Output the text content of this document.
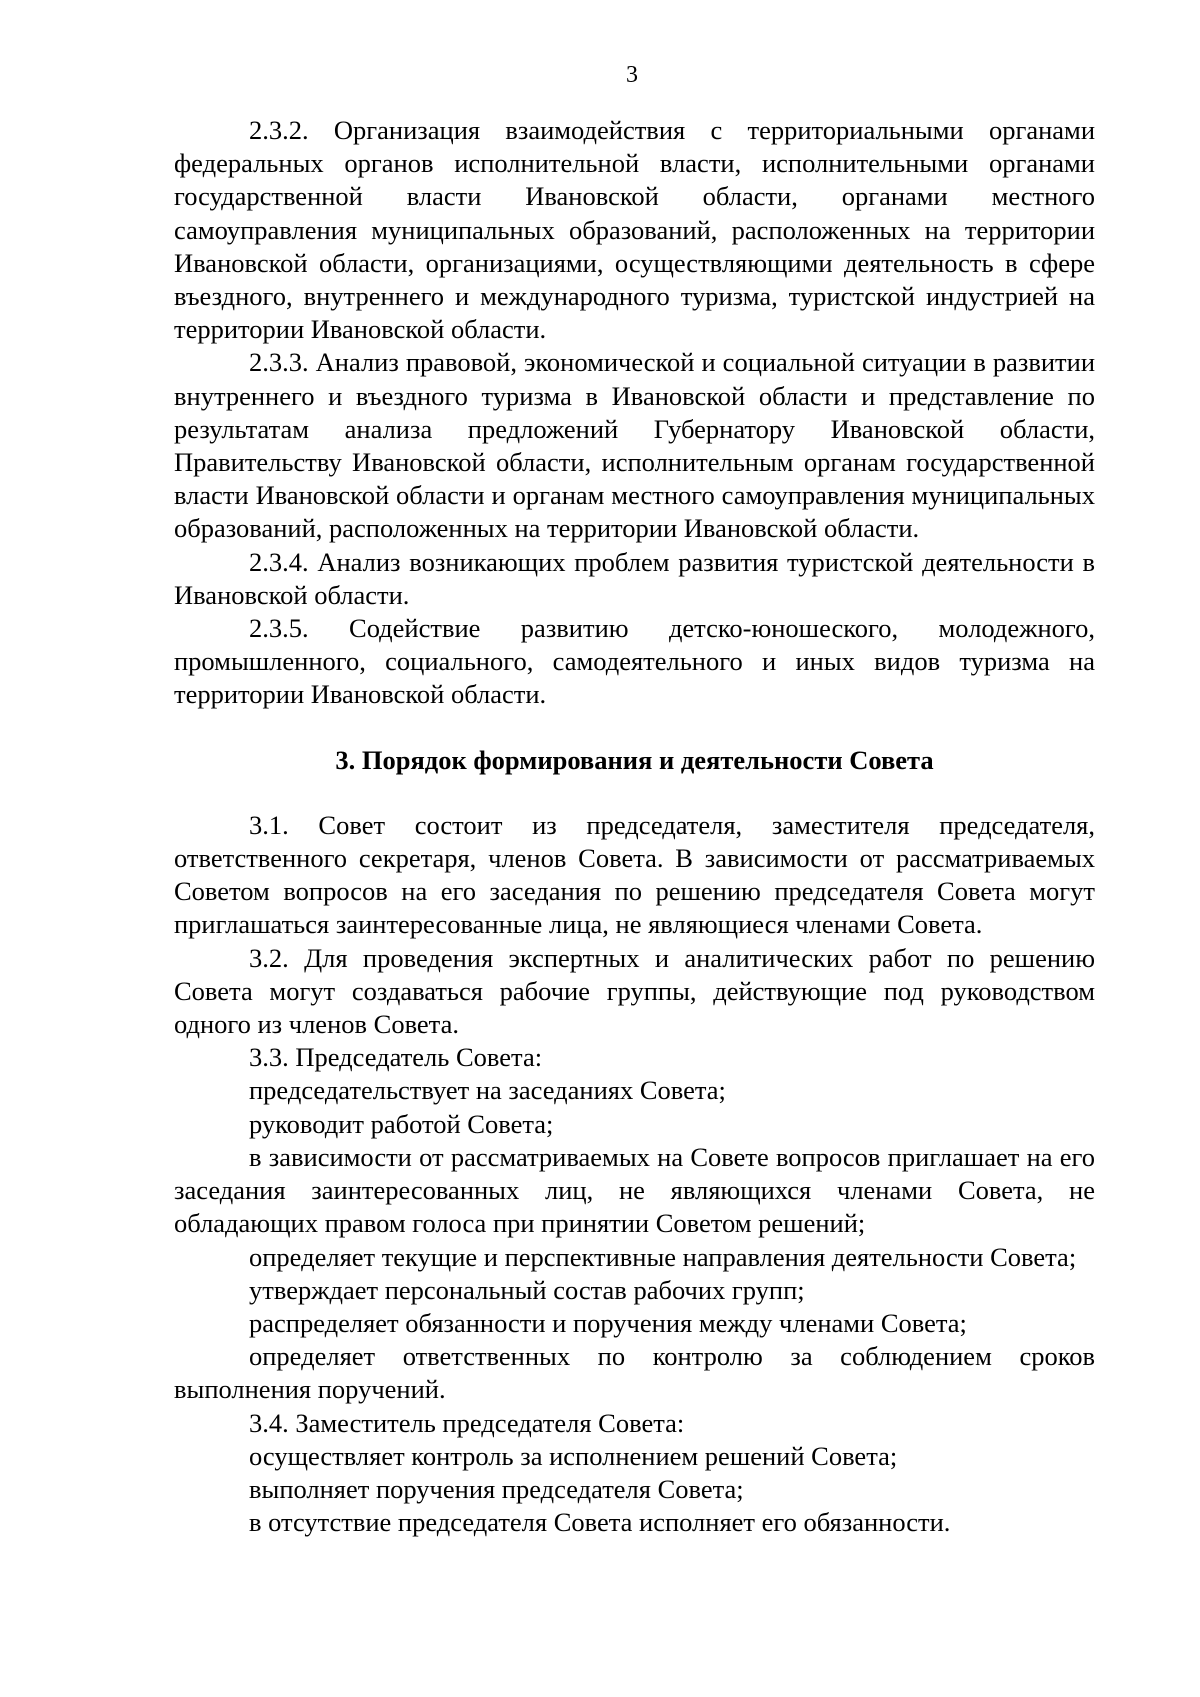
3

2.3.2. Организация взаимодействия с территориальными органами федеральных органов исполнительной власти, исполнительными органами государственной власти Ивановской области, органами местного самоуправления муниципальных образований, расположенных на территории Ивановской области, организациями, осуществляющими деятельность в сфере въездного, внутреннего и международного туризма, туристской индустрией на территории Ивановской области.

2.3.3. Анализ правовой, экономической и социальной ситуации в развитии внутреннего и въездного туризма в Ивановской области и представление по результатам анализа предложений Губернатору Ивановской области, Правительству Ивановской области, исполнительным органам государственной власти Ивановской области и органам местного самоуправления муниципальных образований, расположенных на территории Ивановской области.

2.3.4. Анализ возникающих проблем развития туристской деятельности в Ивановской области.

2.3.5. Содействие развитию детско-юношеского, молодежного, промышленного, социального, самодеятельного и иных видов туризма на территории Ивановской области.

3. Порядок формирования и деятельности Совета

3.1. Совет состоит из председателя, заместителя председателя, ответственного секретаря, членов Совета. В зависимости от рассматриваемых Советом вопросов на его заседания по решению председателя Совета могут приглашаться заинтересованные лица, не являющиеся членами Совета.

3.2. Для проведения экспертных и аналитических работ по решению Совета могут создаваться рабочие группы, действующие под руководством одного из членов Совета.

3.3. Председатель Совета:

председательствует на заседаниях Совета;

руководит работой Совета;

в зависимости от рассматриваемых на Совете вопросов приглашает на его заседания заинтересованных лиц, не являющихся членами Совета, не обладающих правом голоса при принятии Советом решений;

определяет текущие и перспективные направления деятельности Совета;

утверждает персональный состав рабочих групп;

распределяет обязанности и поручения между членами Совета;

определяет ответственных по контролю за соблюдением сроков выполнения поручений.

3.4. Заместитель председателя Совета:

осуществляет контроль за исполнением решений Совета;

выполняет поручения председателя Совета;

в отсутствие председателя Совета исполняет его обязанности.
